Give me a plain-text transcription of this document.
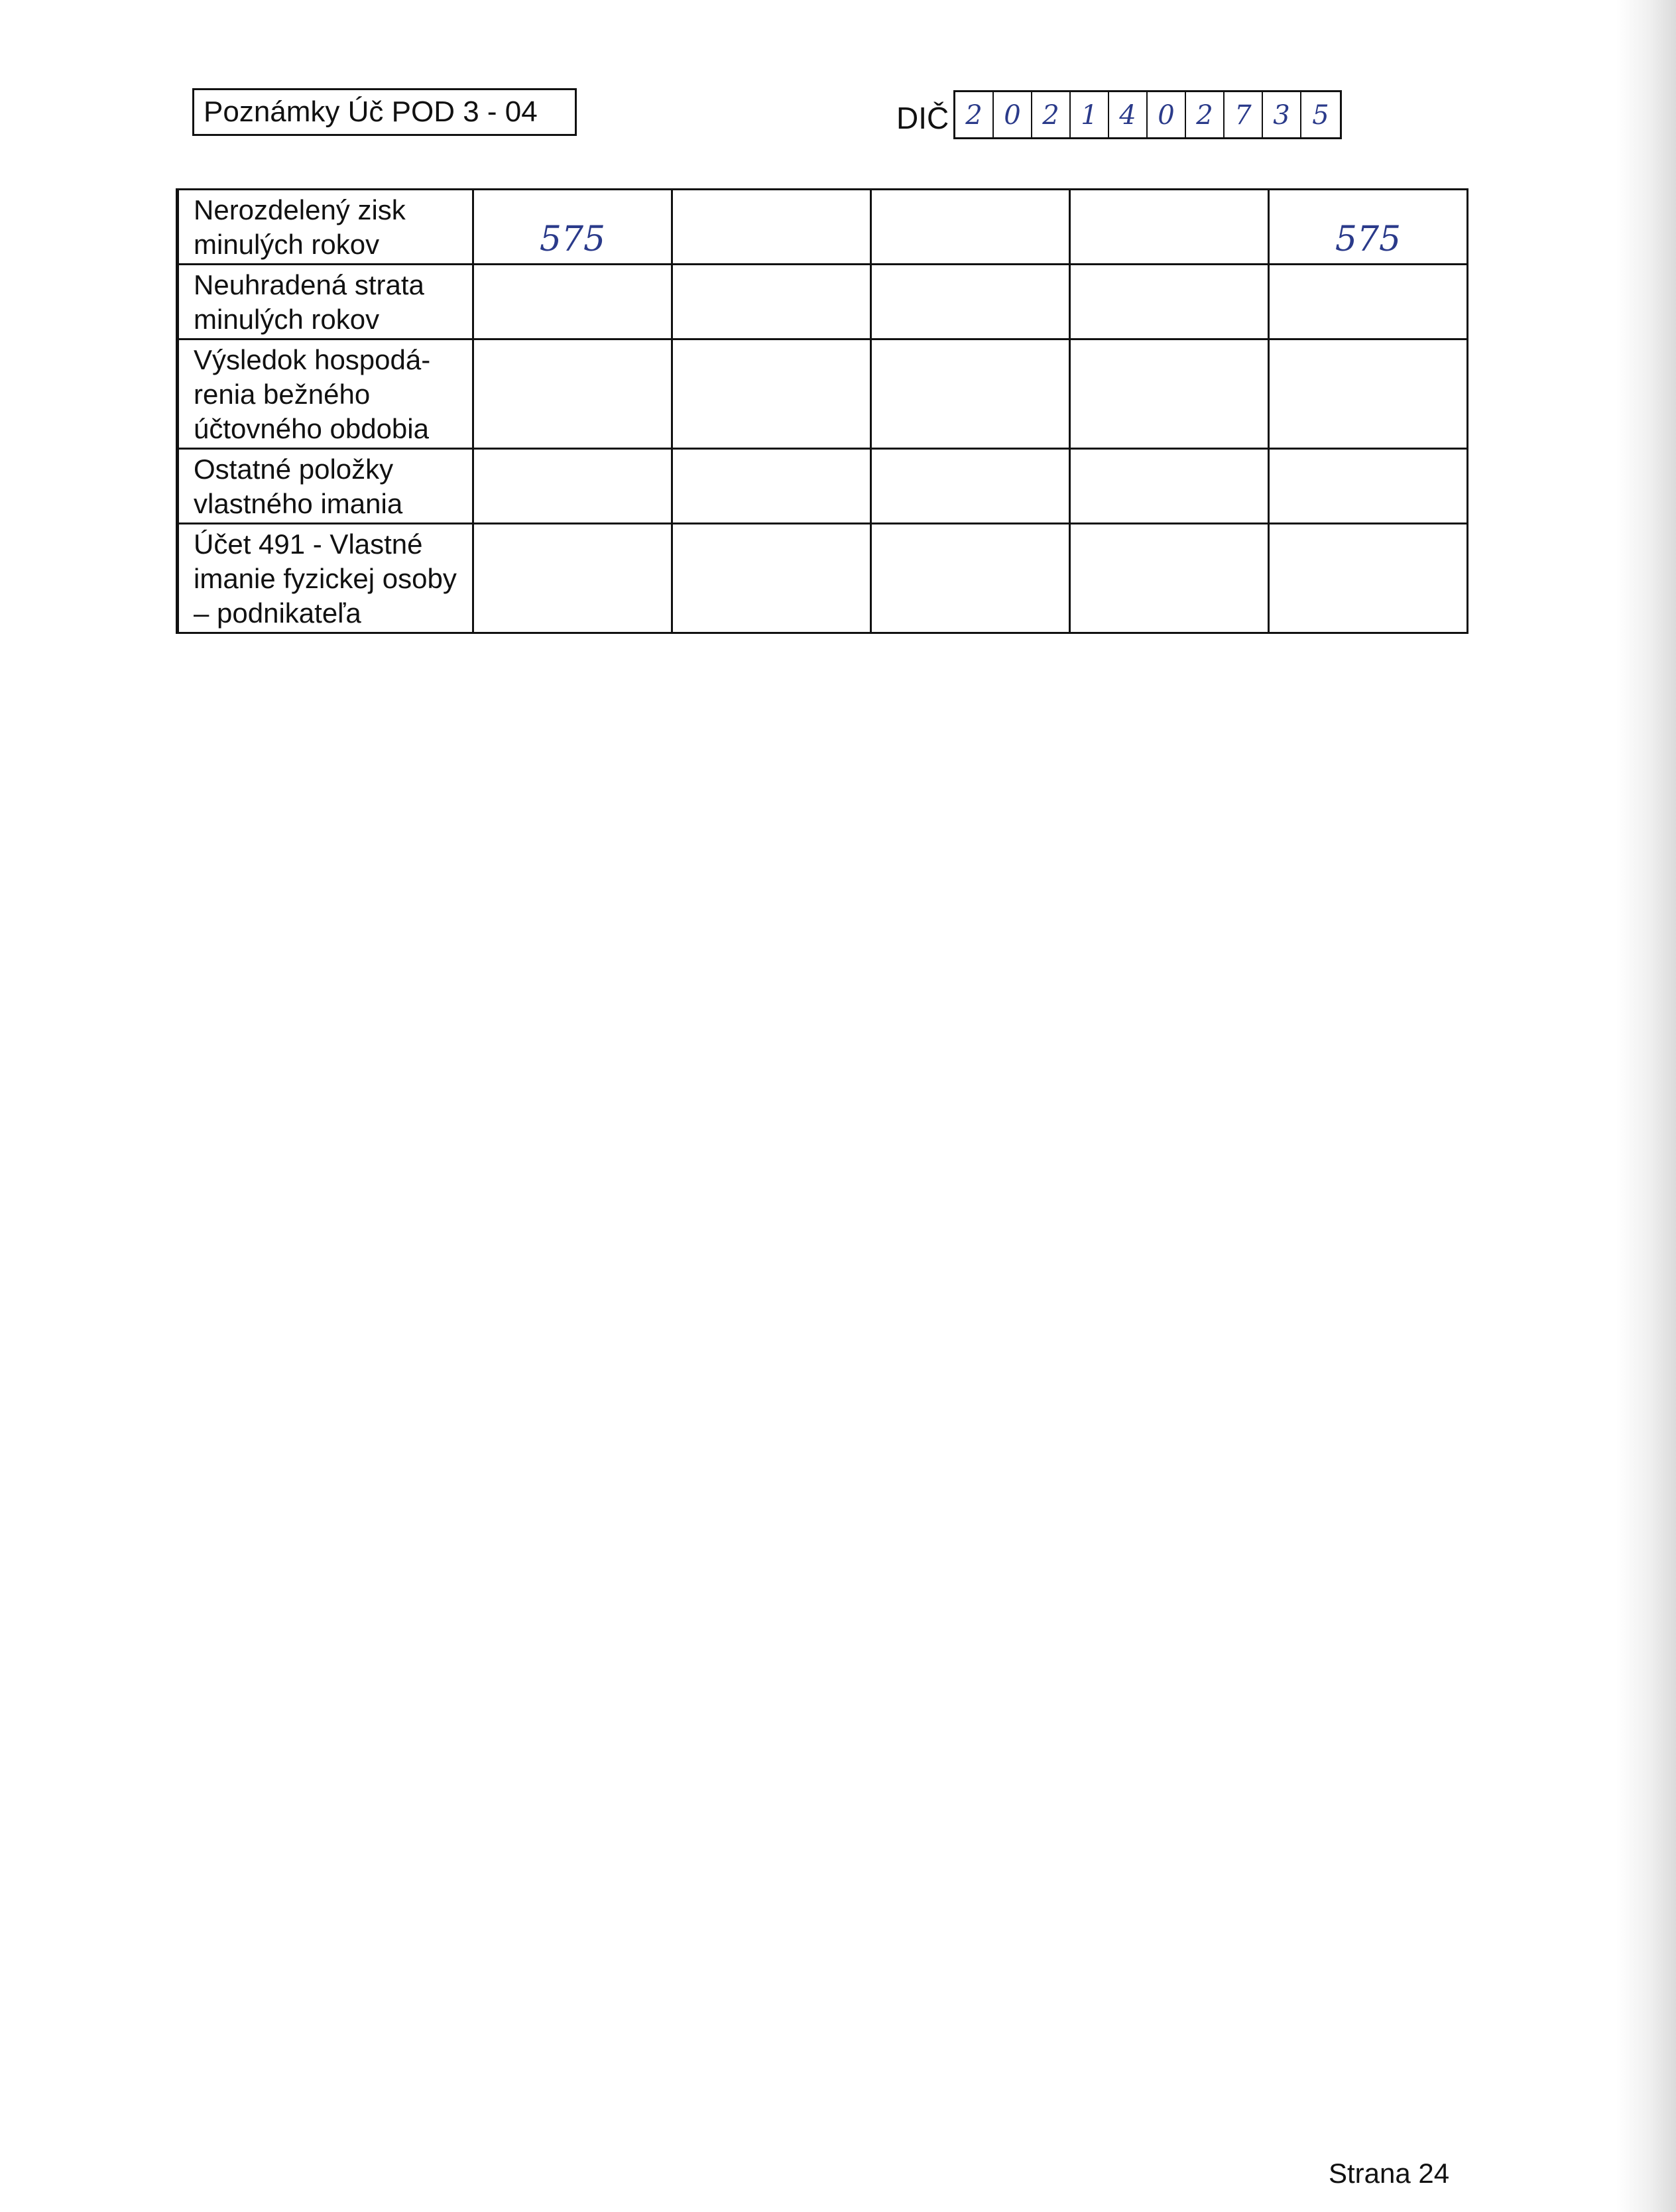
Poznámky Úč POD 3 - 04	DIČ 2 0 2 1 4 0 2 7 3 5
Nerozdelený zisk minulých rokov	575				575
Neuhradená strata minulých rokov					
Výsledok hospodá-renia bežného účtovného obdobia					
Ostatné položky vlastného imania					
Účet 491 - Vlastné imanie fyzickej osoby – podnikateľa					
Strana 24
